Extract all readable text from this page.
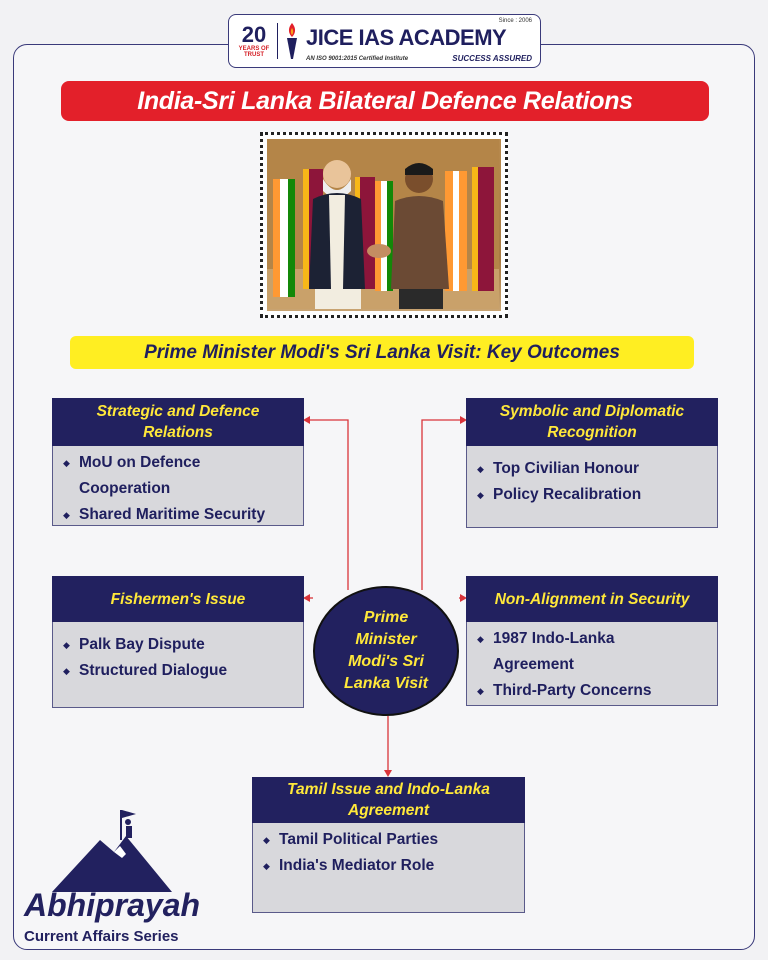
20
YEARS OF TRUST
Since : 2006
JICE IAS ACADEMY
AN ISO 9001:2015 Certified Institute	SUCCESS ASSURED
India-Sri Lanka Bilateral Defence Relations
Prime Minister Modi's Sri Lanka Visit: Key Outcomes
Strategic and Defence Relations
◆ MoU on Defence Cooperation
◆ Shared Maritime Security
Symbolic and Diplomatic Recognition
◆ Top Civilian Honour
◆ Policy Recalibration
Fishermen's Issue
◆ Palk Bay Dispute
◆ Structured Dialogue
Non-Alignment in Security
◆ 1987 Indo-Lanka Agreement
◆ Third-Party Concerns
Prime Minister Modi's Sri Lanka Visit
Tamil Issue and Indo-Lanka Agreement
◆ Tamil Political Parties
◆ India's Mediator Role
Abhiprayah
Current Affairs Series
